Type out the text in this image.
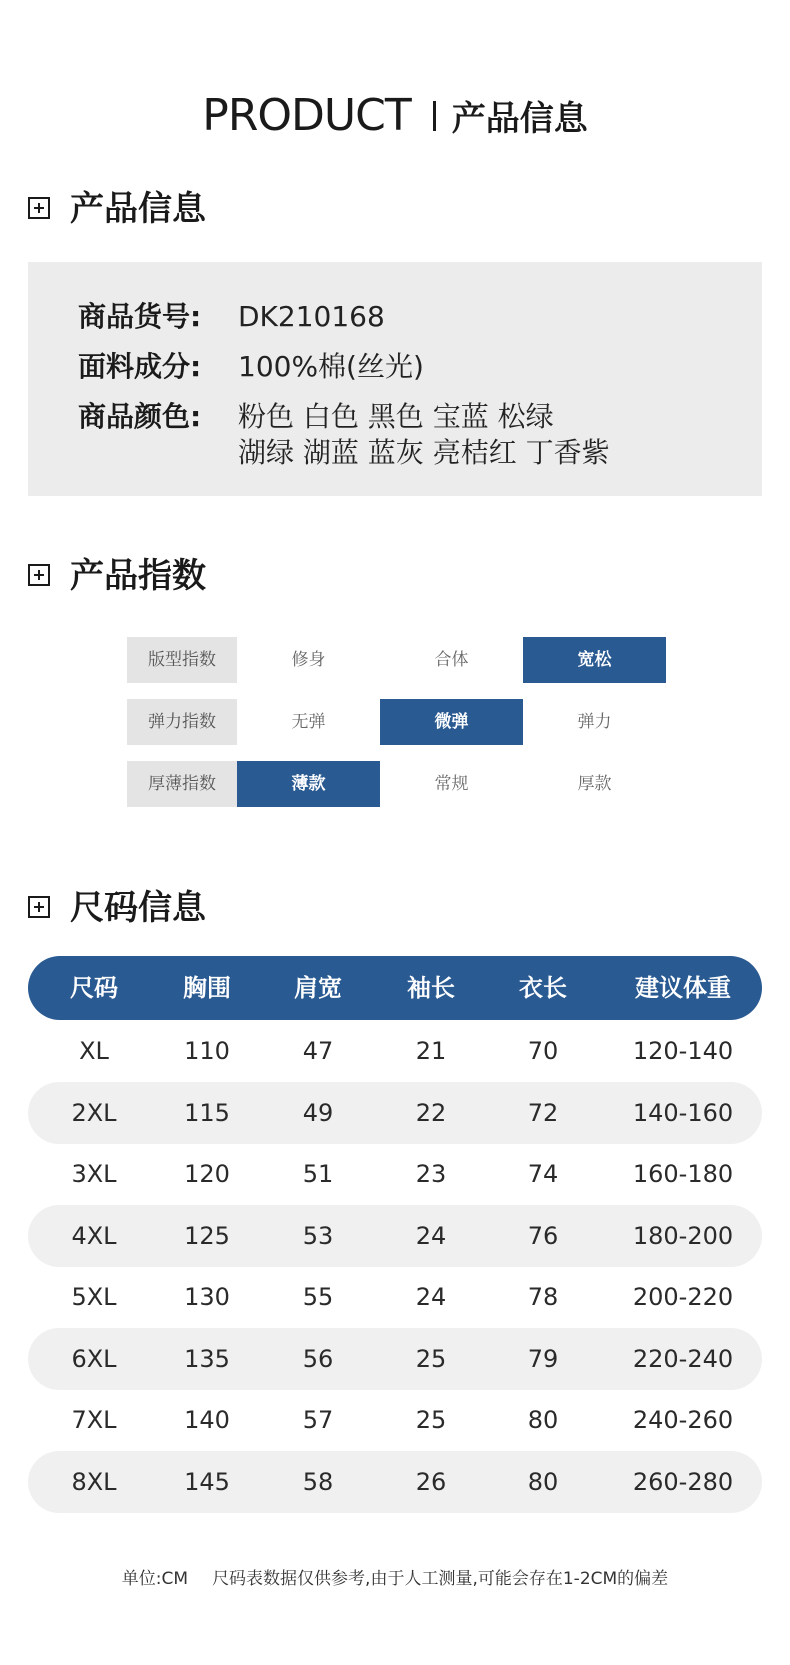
PRODUCT 产品信息
产品信息
商品货号: DK210168
面料成分: 100%棉(丝光)
商品颜色: 粉色 白色 黑色 宝蓝 松绿
湖绿 湖蓝 蓝灰 亮桔红 丁香紫
产品指数
版型指数	修身	合体	宽松
弹力指数	无弹	微弹	弹力
厚薄指数	薄款	常规	厚款
尺码信息
尺码	胸围	肩宽	袖长	衣长	建议体重
XL	110	47	21	70	120-140
2XL	115	49	22	72	140-160
3XL	120	51	23	74	160-180
4XL	125	53	24	76	180-200
5XL	130	55	24	78	200-220
6XL	135	56	25	79	220-240
7XL	140	57	25	80	240-260
8XL	145	58	26	80	260-280
单位:CM 尺码表数据仅供参考,由于人工测量,可能会存在1-2CM的偏差
